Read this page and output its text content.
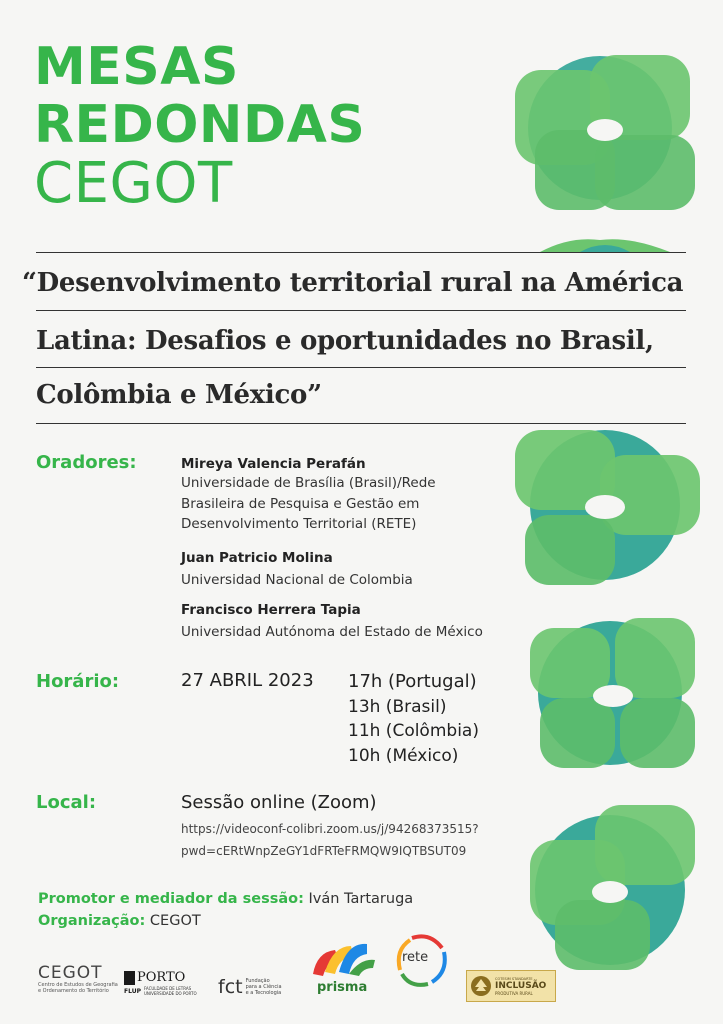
MESAS
REDONDAS
CEGOT
“Desenvolvimento territorial rural na América
Latina: Desafios e oportunidades no Brasil,
Colômbia e México”
Oradores:	Mireya Valencia Perafán
Universidade de Brasília (Brasil)/Rede
Brasileira de Pesquisa e Gestão em
Desenvolvimento Territorial (RETE)
Juan Patricio Molina
Universidad Nacional de Colombia
Francisco Herrera Tapia
Universidad Autónoma del Estado de México
Horário:	27 ABRIL 2023 17h (Portugal)
13h (Brasil)
11h (Colômbia)
10h (México)
Local:	Sessão online (Zoom)
https://videoconf-colibri.zoom.us/j/94268373515?
pwd=cERtWnpZeGY1dFRTeFRMQW9IQTBSUT09
Promotor e mediador da sessão: Iván Tartaruga
Organização: CEGOT
CEGOT
Centro de Estudos de Geografia
e Ordenamento do Território
PORTO
FLUP FACULDADE DE LETRAS
UNIVERSIDADE DO PORTO fct Fundação
para a Ciência
e a Tecnologia	prisma
rete
COTESIM STANDARTE
INCLUSÃO
PRODUTIVA RURAL
